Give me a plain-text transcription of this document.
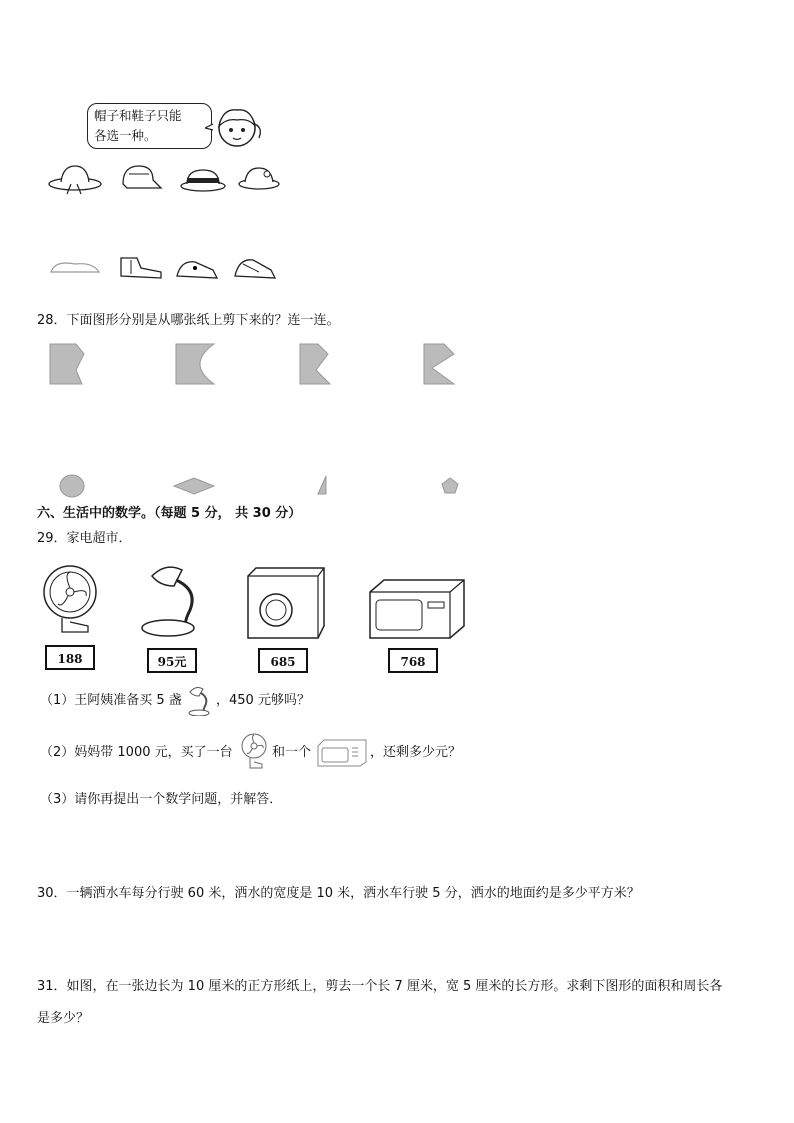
帽子和鞋子只能
各选一种。
28．下面图形分别是从哪张纸上剪下来的？连一连。
六、生活中的数学。（每题 5 分， 共 30 分）
29．家电超市．
188	95元	685	768
（1）王阿姨准备买 5 盏	，450 元够吗？
（2）妈妈带 1000 元，买了一台	和一个	，还剩多少元？
（3）请你再提出一个数学问题，并解答．
30．一辆洒水车每分行驶 60 米，洒水的宽度是 10 米，洒水车行驶 5 分，洒水的地面约是多少平方米？
31．如图，在一张边长为 10 厘米的正方形纸上，剪去一个长 7 厘米，宽 5 厘米的长方形。求剩下图形的面积和周长各
是多少？
